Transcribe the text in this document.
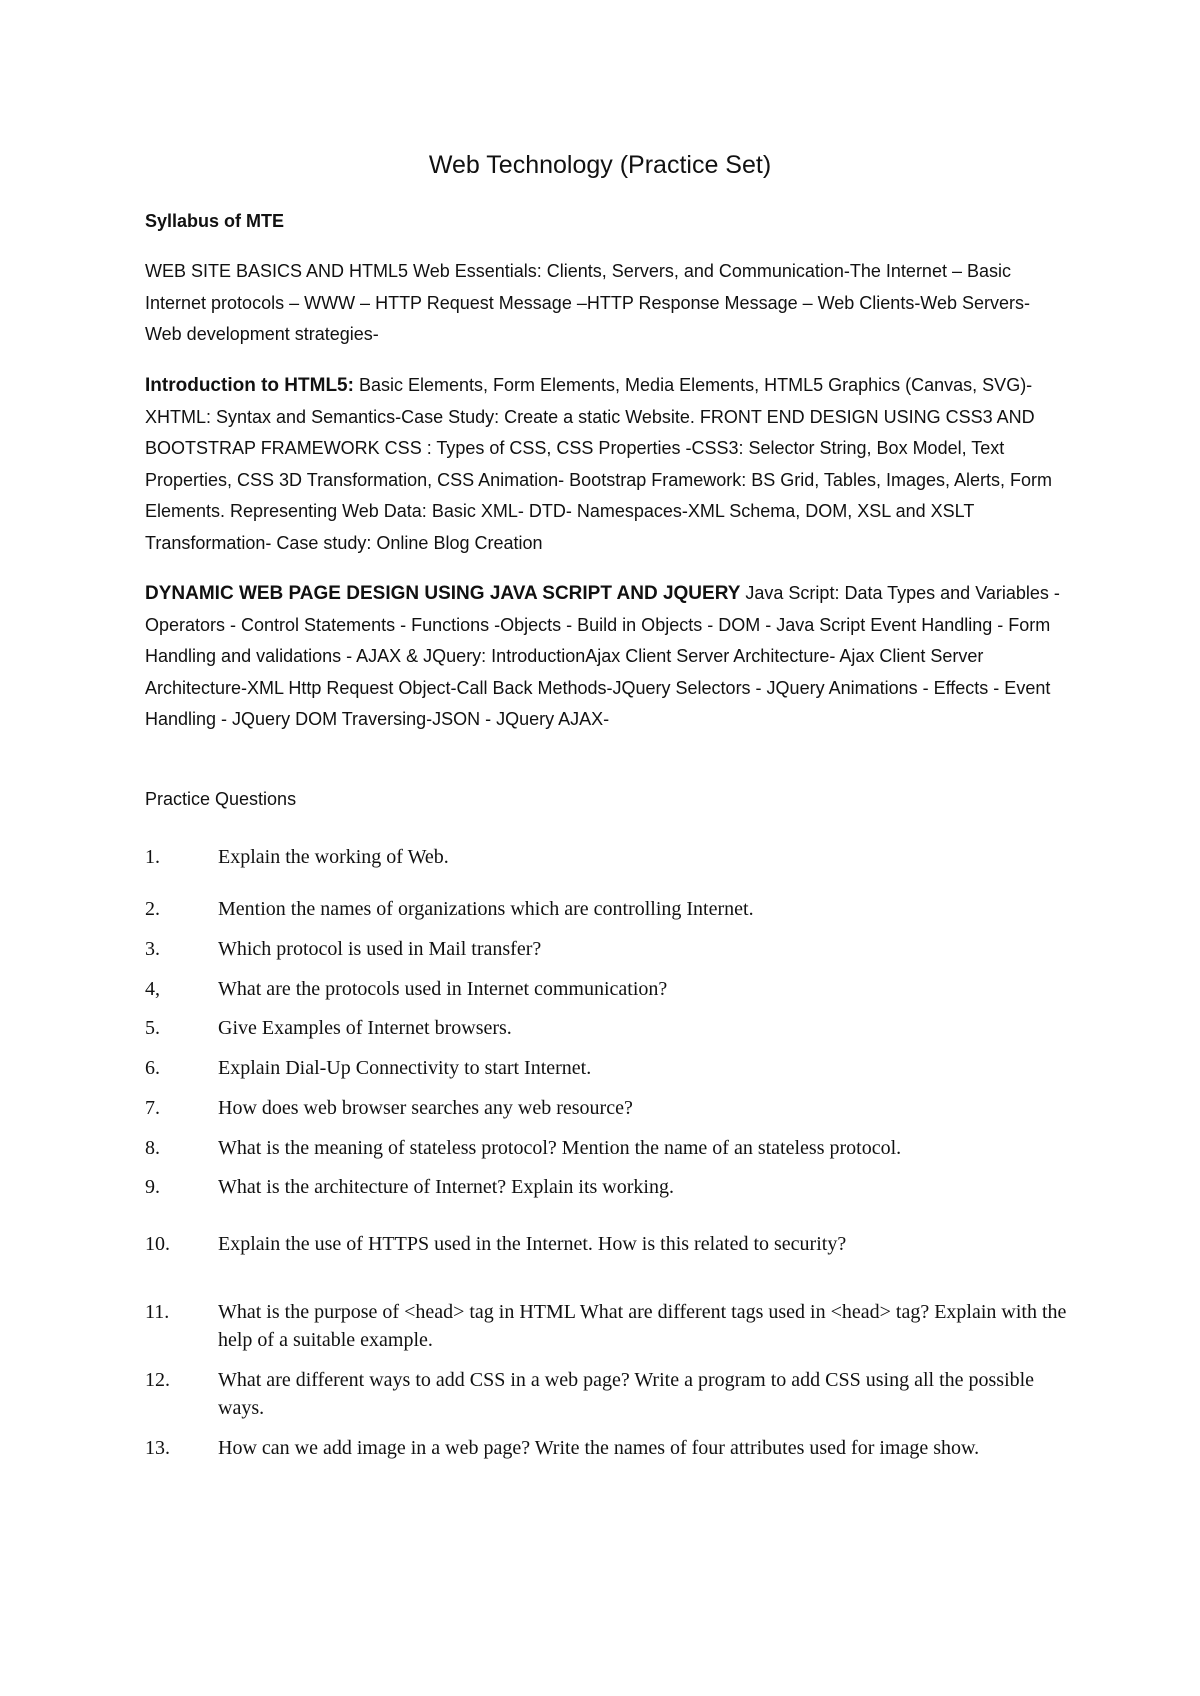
Web Technology (Practice Set)

Syllabus of MTE

WEB SITE BASICS AND HTML5 Web Essentials: Clients, Servers, and Communication-The Internet – Basic Internet protocols – WWW – HTTP Request Message –HTTP Response Message – Web Clients-Web Servers-Web development strategies-

Introduction to HTML5: Basic Elements, Form Elements, Media Elements, HTML5 Graphics (Canvas, SVG)-XHTML: Syntax and Semantics-Case Study: Create a static Website. FRONT END DESIGN USING CSS3 AND BOOTSTRAP FRAMEWORK CSS : Types of CSS, CSS Properties -CSS3: Selector String, Box Model, Text Properties, CSS 3D Transformation, CSS Animation- Bootstrap Framework: BS Grid, Tables, Images, Alerts, Form Elements. Representing Web Data: Basic XML- DTD- Namespaces-XML Schema, DOM, XSL and XSLT Transformation- Case study: Online Blog Creation

DYNAMIC WEB PAGE DESIGN USING JAVA SCRIPT AND JQUERY Java Script: Data Types and Variables -Operators - Control Statements - Functions -Objects - Build in Objects - DOM - Java Script Event Handling - Form Handling and validations - AJAX & JQuery: IntroductionAjax Client Server Architecture- Ajax Client Server Architecture-XML Http Request Object-Call Back Methods-JQuery Selectors - JQuery Animations - Effects - Event Handling - JQuery DOM Traversing-JSON - JQuery AJAX-

Practice Questions

1.	Explain the working of Web.
2.	Mention the names of organizations which are controlling Internet.
3.	Which protocol is used in Mail transfer?
4,	What are the protocols used in Internet communication?
5.	Give Examples of Internet browsers.
6.	Explain Dial-Up Connectivity to start Internet.
7.	How does web browser searches any web resource?
8.	What is the meaning of stateless protocol? Mention the name of an stateless protocol.
9.	What is the architecture of Internet? Explain its working.
10.	Explain the use of HTTPS used in the Internet. How is this related to security?
11.	What is the purpose of <head> tag in HTML What are different tags used in <head> tag? Explain with the help of a suitable example.
12.	What are different ways to add CSS in a web page? Write a program to add CSS using all the possible ways.
13.	How can we add image in a web page? Write the names of four attributes used for image show.
